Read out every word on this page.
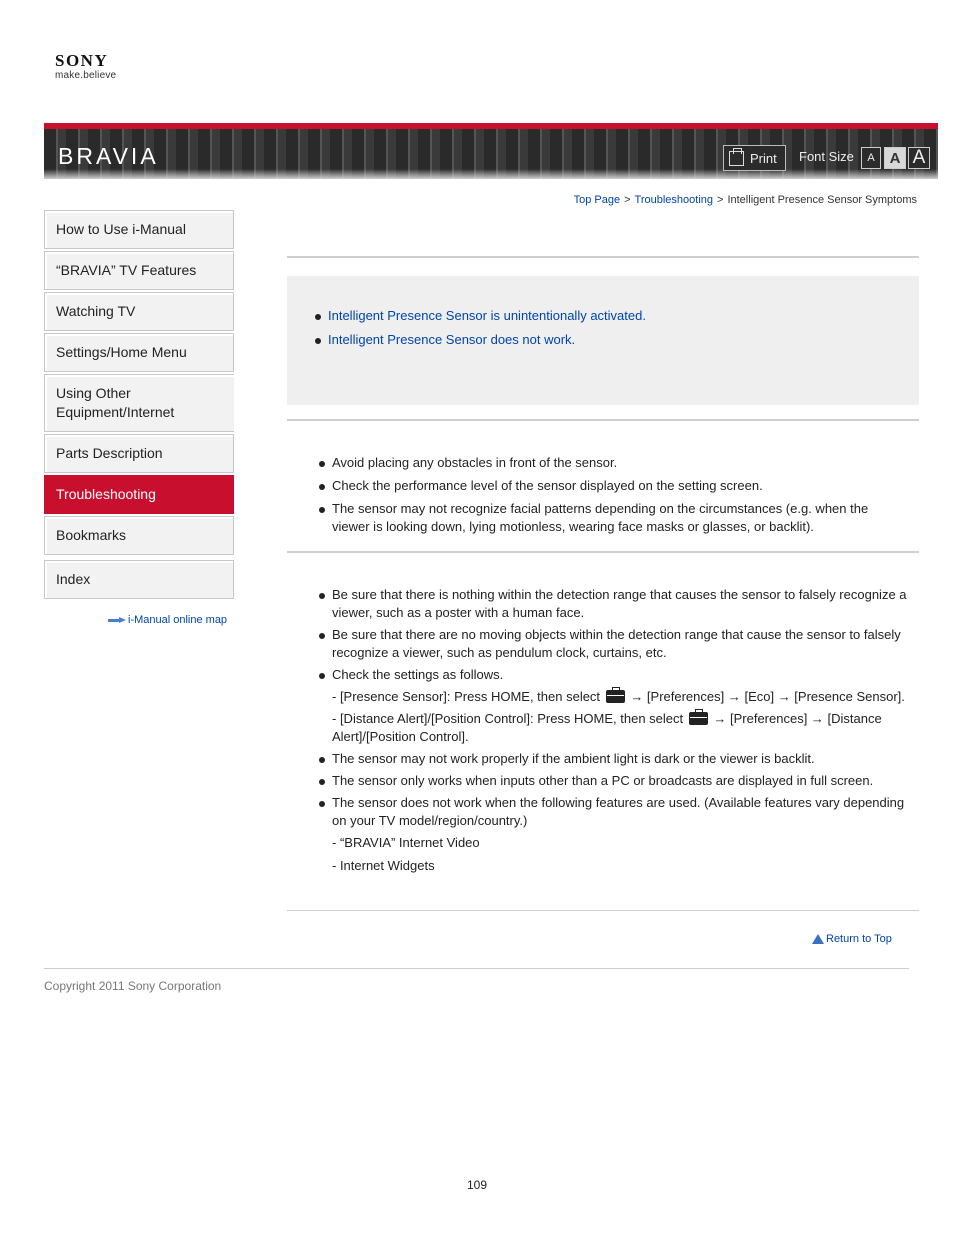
SONY
make.believe
BRAVIA	Print Font Size	A A A
Top Page > Troubleshooting > Intelligent Presence Sensor Symptoms
How to Use i-Manual
“BRAVIA” TV Features
Watching TV
Settings/Home Menu
Using Other Equipment/Internet
Parts Description
Troubleshooting
Bookmarks
Index
i-Manual online map
Intelligent Presence Sensor is unintentionally activated.
Intelligent Presence Sensor does not work.
Avoid placing any obstacles in front of the sensor.
Check the performance level of the sensor displayed on the setting screen.
The sensor may not recognize facial patterns depending on the circumstances (e.g. when the viewer is looking down, lying motionless, wearing face masks or glasses, or backlit).
Be sure that there is nothing within the detection range that causes the sensor to falsely recognize a viewer, such as a poster with a human face.
Be sure that there are no moving objects within the detection range that cause the sensor to falsely recognize a viewer, such as pendulum clock, curtains, etc.
Check the settings as follows.
- [Presence Sensor]: Press HOME, then select → [Preferences] → [Eco] → [Presence Sensor].
- [Distance Alert]/[Position Control]: Press HOME, then select → [Preferences] → [Distance Alert]/[Position Control].
The sensor may not work properly if the ambient light is dark or the viewer is backlit.
The sensor only works when inputs other than a PC or broadcasts are displayed in full screen.
The sensor does not work when the following features are used. (Available features vary depending on your TV model/region/country.)
- “BRAVIA” Internet Video
- Internet Widgets
Return to Top
Copyright 2011 Sony Corporation
109
